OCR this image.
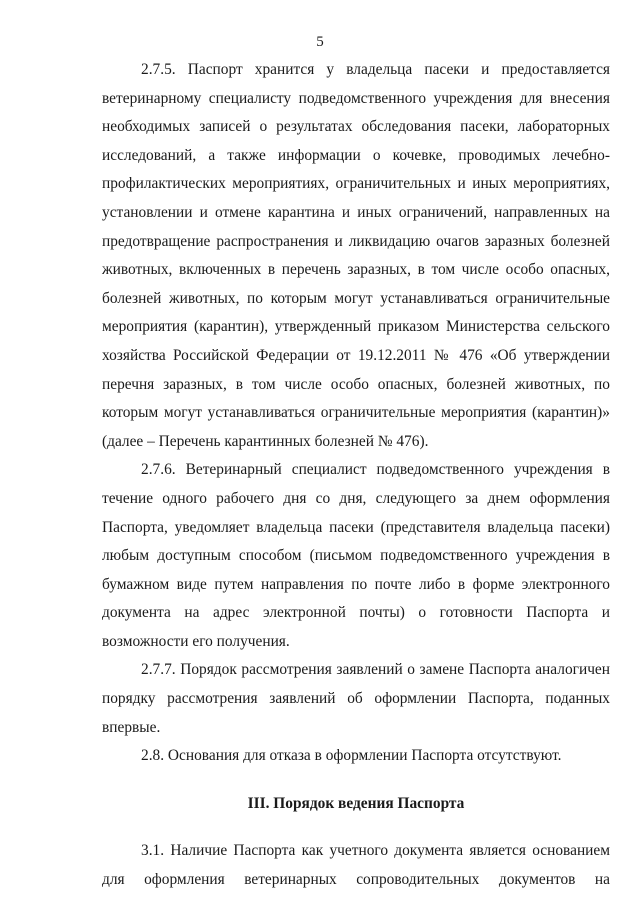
5

2.7.5. Паспорт хранится у владельца пасеки и предоставляется ветеринарному специалисту подведомственного учреждения для внесения необходимых записей о результатах обследования пасеки, лабораторных исследований, а также информации о кочевке, проводимых лечебно-профилактических мероприятиях, ограничительных и иных мероприятиях, установлении и отмене карантина и иных ограничений, направленных на предотвращение распространения и ликвидацию очагов заразных болезней животных, включенных в перечень заразных, в том числе особо опасных, болезней животных, по которым могут устанавливаться ограничительные мероприятия (карантин), утвержденный приказом Министерства сельского хозяйства Российской Федерации от 19.12.2011 № 476 «Об утверждении перечня заразных, в том числе особо опасных, болезней животных, по которым могут устанавливаться ограничительные мероприятия (карантин)» (далее – Перечень карантинных болезней № 476).

2.7.6. Ветеринарный специалист подведомственного учреждения в течение одного рабочего дня со дня, следующего за днем оформления Паспорта, уведомляет владельца пасеки (представителя владельца пасеки) любым доступным способом (письмом подведомственного учреждения в бумажном виде путем направления по почте либо в форме электронного документа на адрес электронной почты) о готовности Паспорта и возможности его получения.

2.7.7. Порядок рассмотрения заявлений о замене Паспорта аналогичен порядку рассмотрения заявлений об оформлении Паспорта, поданных впервые.

2.8. Основания для отказа в оформлении Паспорта отсутствуют.

III. Порядок ведения Паспорта

3.1. Наличие Паспорта как учетного документа является основанием для оформления ветеринарных сопроводительных документов на
